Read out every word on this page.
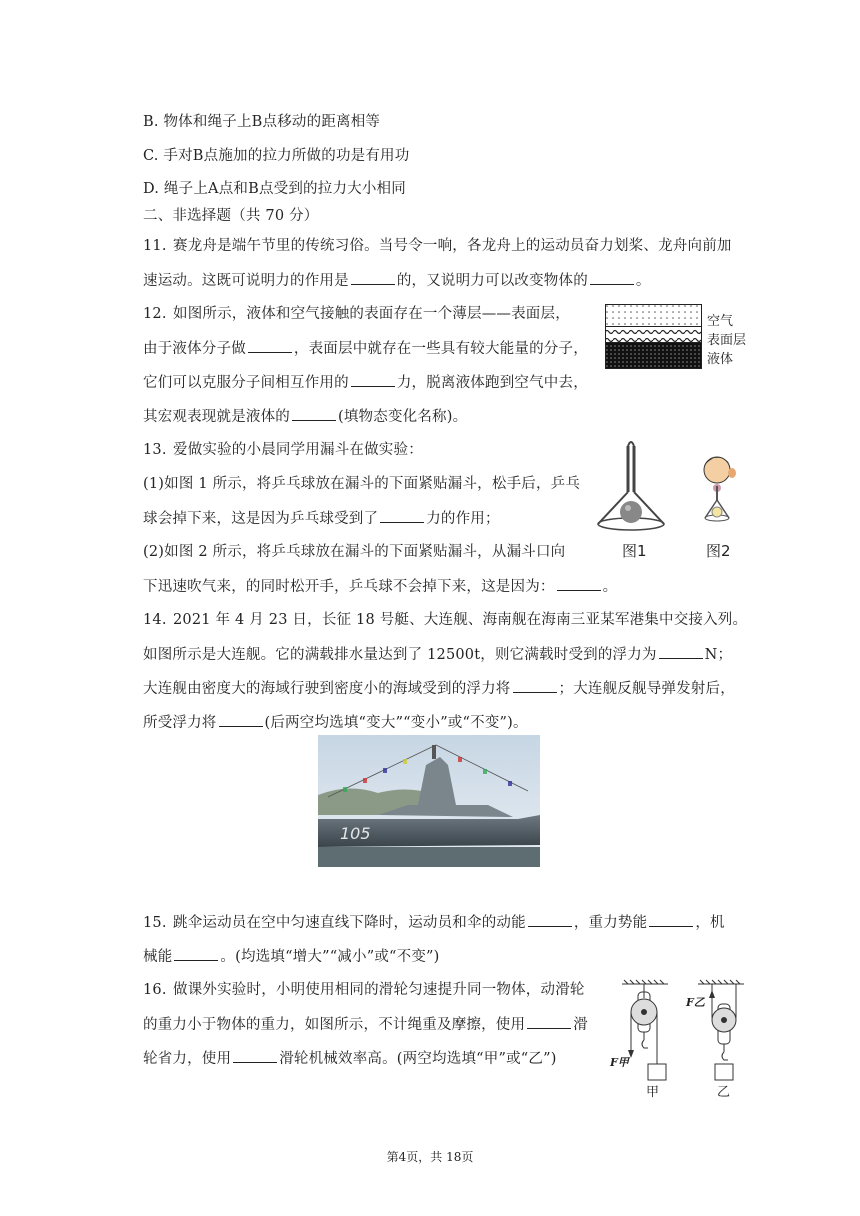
B. 物体和绳子上B点移动的距离相等
C. 手对B点施加的拉力所做的功是有用功
D. 绳子上A点和B点受到的拉力大小相同
二、非选择题（共 70 分）
11. 赛龙舟是端午节里的传统习俗。当号令一响，各龙舟上的运动员奋力划桨、龙舟向前加
速运动。这既可说明力的作用是	的，又说明力可以改变物体的	。
12. 如图所示，液体和空气接触的表面存在一个薄层——表面层，
由于液体分子做	，表面层中就存在一些具有较大能量的分子，
它们可以克服分子间相互作用的	力，脱离液体跑到空气中去，
其宏观表现就是液体的	(填物态变化名称)。
空气
表面层
液体
13. 爱做实验的小晨同学用漏斗在做实验：
(1)如图 1 所示，将乒乓球放在漏斗的下面紧贴漏斗，松手后，乒乓
球会掉下来，这是因为乒乓球受到了	力的作用；
(2)如图 2 所示，将乒乓球放在漏斗的下面紧贴漏斗，从漏斗口向
下迅速吹气来，的同时松开手，乒乓球不会掉下来，这是因为：	。
图1	图2
14. 2021 年 4 月 23 日，长征 18 号艇、大连舰、海南舰在海南三亚某军港集中交接入列。
如图所示是大连舰。它的满载排水量达到了 12500t，则它满载时受到的浮力为	N；
大连舰由密度大的海域行驶到密度小的海域受到的浮力将	；大连舰反舰导弹发射后，
所受浮力将	(后两空均选填“变大”“变小”或“不变”)。
105
15. 跳伞运动员在空中匀速直线下降时，运动员和伞的动能	，重力势能	，机
械能	。(均选填“增大”“减小”或“不变”)
16. 做课外实验时，小明使用相同的滑轮匀速提升同一物体，动滑轮
的重力小于物体的重力，如图所示，不计绳重及摩擦，使用	滑
轮省力，使用	滑轮机械效率高。(两空均选填“甲”或“乙”)	F甲
F乙
甲	乙
第4页，共 18页
